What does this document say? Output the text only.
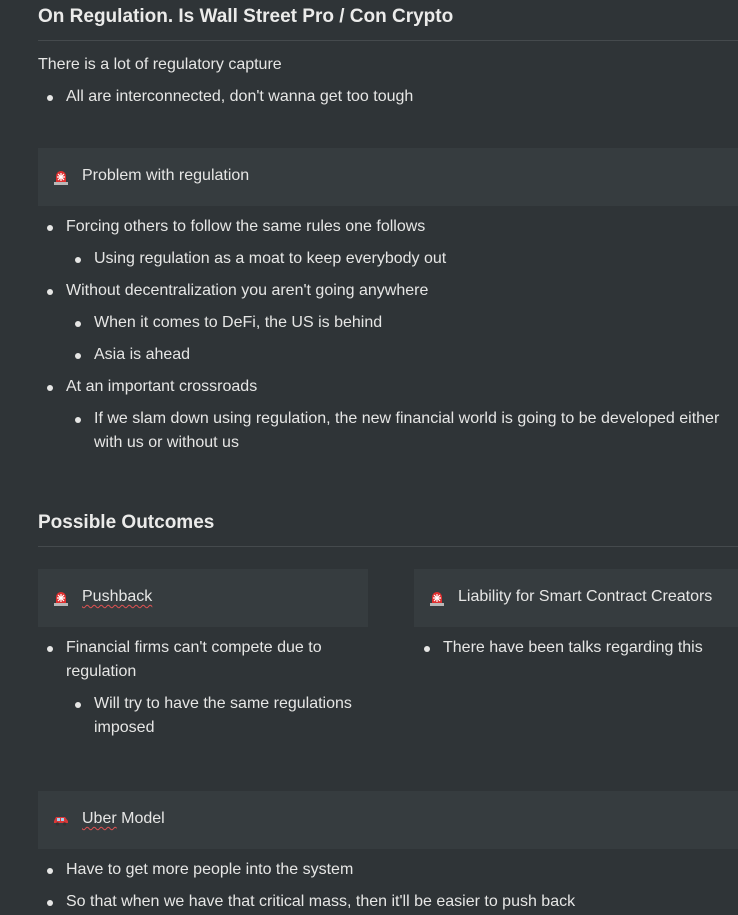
On Regulation. Is Wall Street Pro / Con Crypto
There is a lot of regulatory capture
All are interconnected, don't wanna get too tough
Problem with regulation
Forcing others to follow the same rules one follows
Using regulation as a moat to keep everybody out
Without decentralization you aren't going anywhere
When it comes to DeFi, the US is behind
Asia is ahead
At an important crossroads
If we slam down using regulation, the new financial world is going to be developed either with us or without us
Possible Outcomes
Pushback
Financial firms can't compete due to regulation
Will try to have the same regulations imposed
Liability for Smart Contract Creators
There have been talks regarding this
Uber Model
Have to get more people into the system
So that when we have that critical mass, then it'll be easier to push back
